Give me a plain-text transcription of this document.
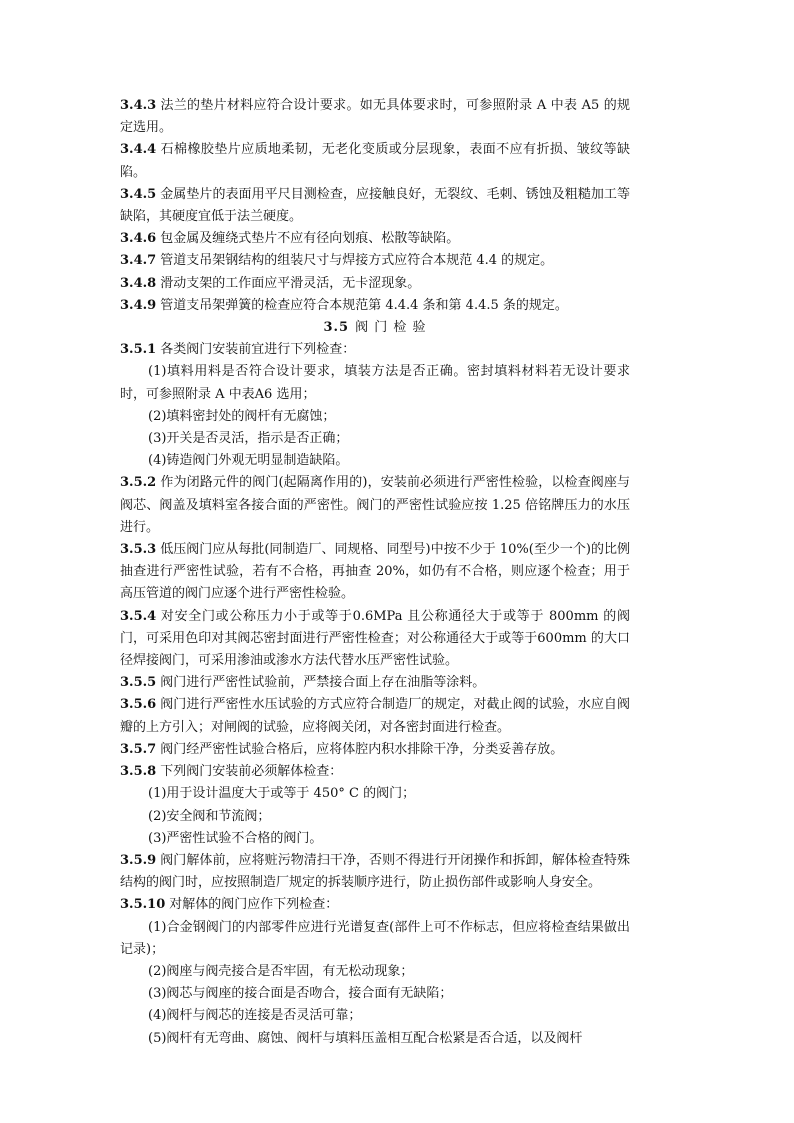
3.4.3 法兰的垫片材料应符合设计要求。如无具体要求时，可参照附录 A 中表 A5 的规定选用。

3.4.4 石棉橡胶垫片应质地柔韧，无老化变质或分层现象，表面不应有折损、皱纹等缺陷。

3.4.5 金属垫片的表面用平尺目测检查，应接触良好，无裂纹、毛刺、锈蚀及粗糙加工等缺陷，其硬度宜低于法兰硬度。

3.4.6 包金属及缠绕式垫片不应有径向划痕、松散等缺陷。

3.4.7 管道支吊架钢结构的组装尺寸与焊接方式应符合本规范 4.4 的规定。

3.4.8 滑动支架的工作面应平滑灵活，无卡涩现象。

3.4.9 管道支吊架弹簧的检查应符合本规范第 4.4.4 条和第 4.4.5 条的规定。

3.5 阀 门 检 验

3.5.1 各类阀门安装前宜进行下列检查：

(1)填料用料是否符合设计要求，填装方法是否正确。密封填料材料若无设计要求时，可参照附录 A 中表A6 选用；

(2)填料密封处的阀杆有无腐蚀；

(3)开关是否灵活，指示是否正确；

(4)铸造阀门外观无明显制造缺陷。

3.5.2 作为闭路元件的阀门(起隔离作用的)，安装前必须进行严密性检验，以检查阀座与阀芯、阀盖及填料室各接合面的严密性。阀门的严密性试验应按 1.25 倍铭牌压力的水压进行。

3.5.3 低压阀门应从每批(同制造厂、同规格、同型号)中按不少于 10%(至少一个)的比例抽查进行严密性试验，若有不合格，再抽查 20%，如仍有不合格，则应逐个检查；用于高压管道的阀门应逐个进行严密性检验。

3.5.4 对安全门或公称压力小于或等于0.6MPa 且公称通径大于或等于 800mm 的阀门，可采用色印对其阀芯密封面进行严密性检查；对公称通径大于或等于600mm 的大口径焊接阀门，可采用渗油或渗水方法代替水压严密性试验。

3.5.5 阀门进行严密性试验前，严禁接合面上存在油脂等涂料。

3.5.6 阀门进行严密性水压试验的方式应符合制造厂的规定，对截止阀的试验，水应自阀瓣的上方引入；对闸阀的试验，应将阀关闭，对各密封面进行检查。

3.5.7 阀门经严密性试验合格后，应将体腔内积水排除干净，分类妥善存放。

3.5.8 下列阀门安装前必须解体检查：

(1)用于设计温度大于或等于 450° C 的阀门；

(2)安全阀和节流阀；

(3)严密性试验不合格的阀门。

3.5.9 阀门解体前，应将赃污物清扫干净，否则不得进行开闭操作和拆卸，解体检查特殊结构的阀门时，应按照制造厂规定的拆装顺序进行，防止损伤部件或影响人身安全。

3.5.10 对解体的阀门应作下列检查：

(1)合金钢阀门的内部零件应进行光谱复查(部件上可不作标志，但应将检查结果做出记录)；

(2)阀座与阀壳接合是否牢固，有无松动现象；

(3)阀芯与阀座的接合面是否吻合，接合面有无缺陷；

(4)阀杆与阀芯的连接是否灵活可靠；

(5)阀杆有无弯曲、腐蚀、阀杆与填料压盖相互配合松紧是否合适，以及阀杆
